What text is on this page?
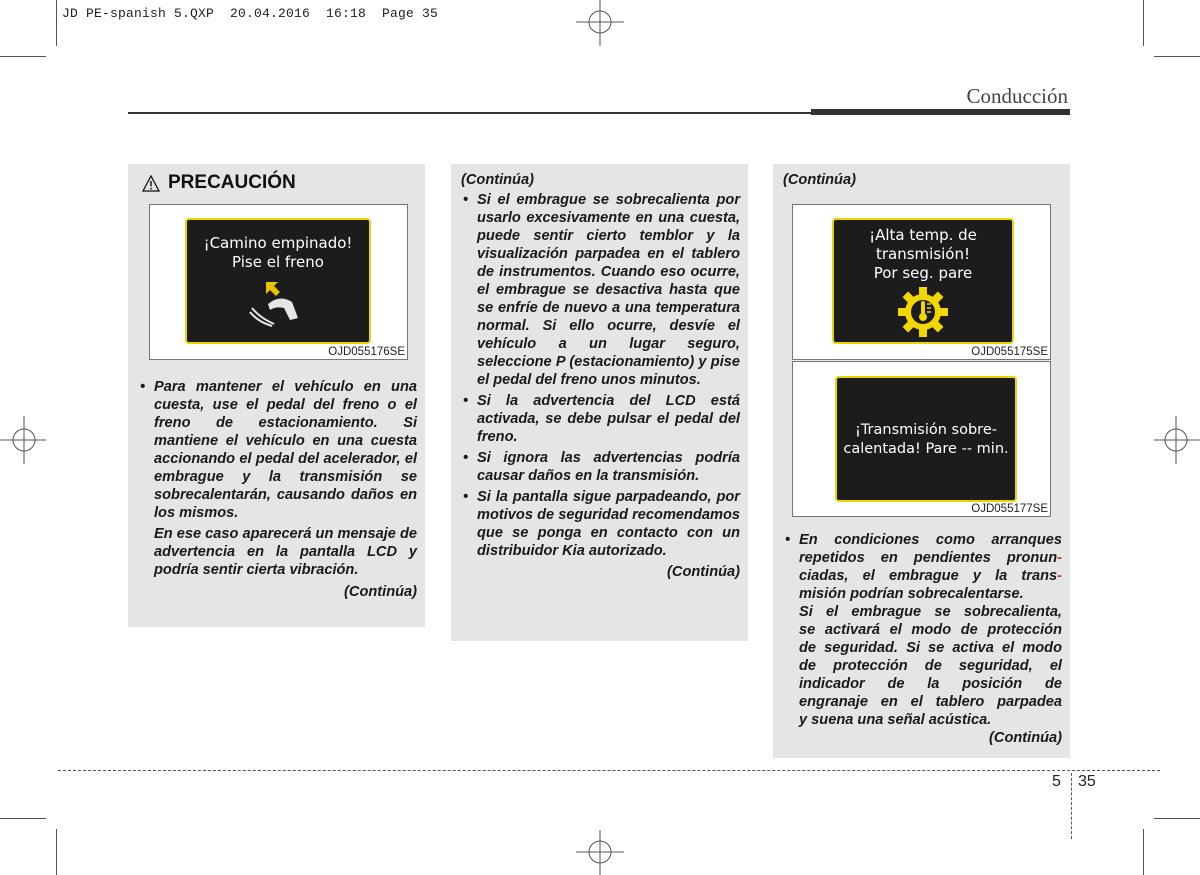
JD PE-spanish 5.QXP  20.04.2016  16:18  Page 35
Conducción
PRECAUCIÓN
¡Camino empinado!
Pise el freno
OJD055176SE

• Para mantener el vehículo en una cuesta, use el pedal del freno o el freno de estacionamiento. Si mantiene el vehículo en una cuesta accionando el pedal del acelerador, el embrague y la transmisión se sobrecalentarán, causando daños en los mismos.

En ese caso aparecerá un mensaje de advertencia en la pantalla LCD y podría sentir cierta vibración.

(Continúa)

(Continúa)

• Si el embrague se sobrecalienta por usarlo excesivamente en una cuesta, puede sentir cierto temblor y la visualización parpadea en el tablero de instrumentos. Cuando eso ocurre, el embrague se desactiva hasta que se enfríe de nuevo a una temperatura normal. Si ello ocurre, desvíe el vehículo a un lugar seguro, seleccione P (estacionamiento) y pise el pedal del freno unos minutos.

• Si la advertencia del LCD está activada, se debe pulsar el pedal del freno.

• Si ignora las advertencias podría causar daños en la transmisión.

• Si la pantalla sigue parpadeando, por motivos de seguridad recomendamos que se ponga en contacto con un distribuidor Kia autorizado.

(Continúa)

(Continúa)

¡Alta temp. de
transmisión!
Por seg. pare
OJD055175SE
¡Transmisión sobre-
calentada! Pare -- min.
OJD055177SE
• En condiciones como arranques
repetidos en pendientes pronun-
ciadas, el embrague y la trans-
misión podrían sobrecalentarse.
Si el embrague se sobrecalienta,
se activará el modo de protección
de seguridad. Si se activa el modo
de protección de seguridad, el
indicador de la posición de
engranaje en el tablero parpadea
y suena una señal acústica.

(Continúa)

5 35
